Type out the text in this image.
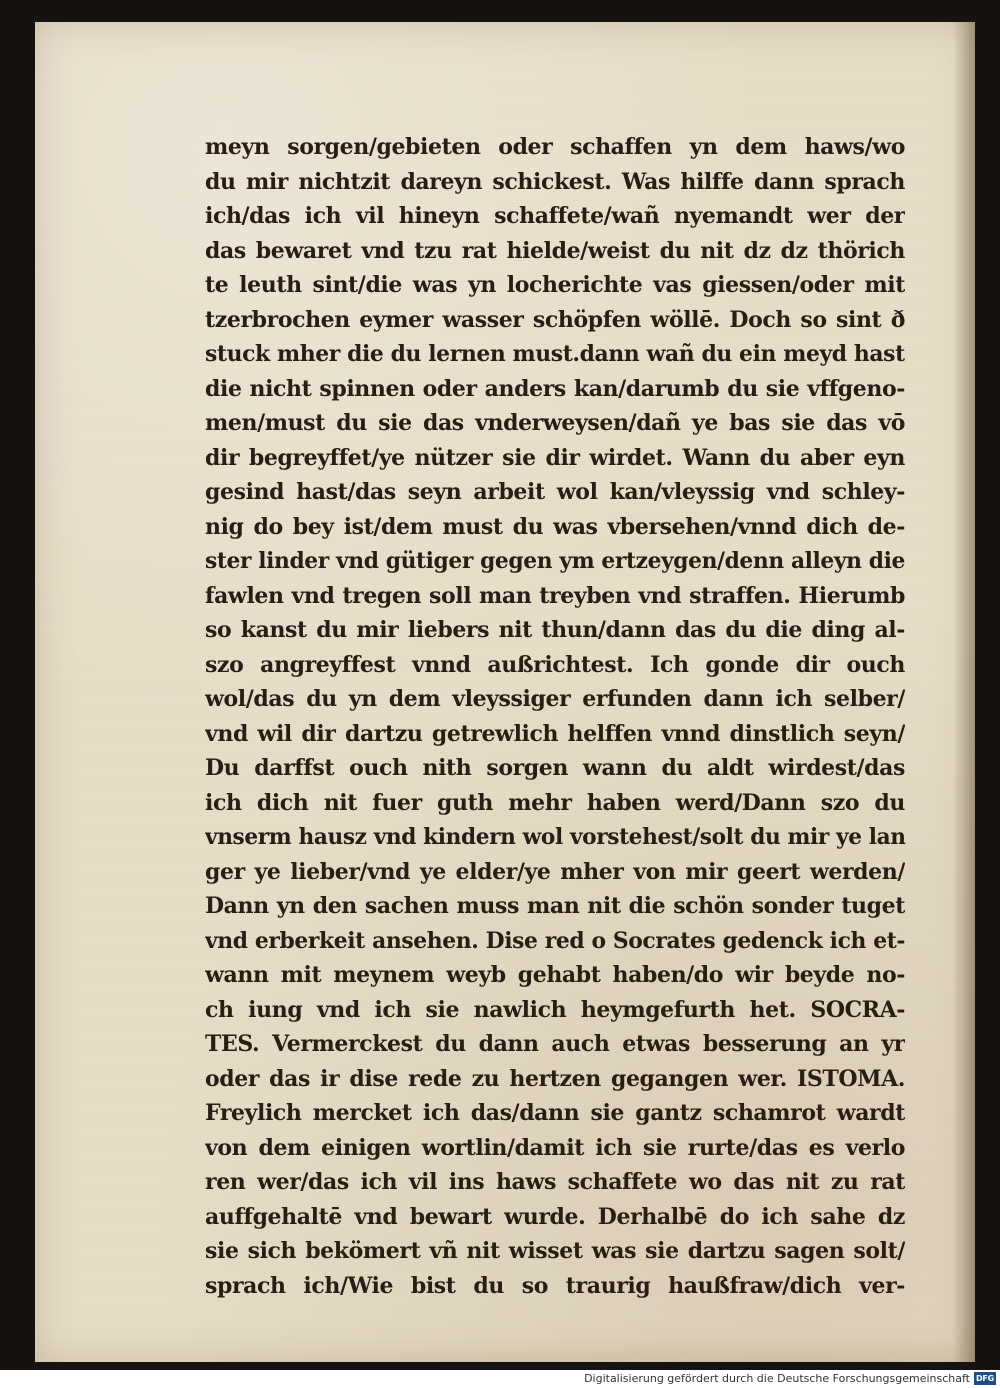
meyn sorgen/gebieten oder schaffen yn dem haws/wo
du mir nichtzit dareyn schickest. Was hilffe dann sprach
ich/das ich vil hineyn schaffete/wañ nyemandt wer der
das bewaret vnd tzu rat hielde/weist du nit dz dz thörich
te leuth sint/die was yn locherichte vas giessen/oder mit
tzerbrochen eymer wasser schöpfen wöllē. Doch so sint ð
stuck mher die du lernen must.dann wañ du ein meyd hast
die nicht spinnen oder anders kan/darumb du sie vffgeno-
men/must du sie das vnderweysen/dañ ye bas sie das vō
dir begreyffet/ye nützer sie dir wirdet. Wann du aber eyn
gesind hast/das seyn arbeit wol kan/vleyssig vnd schley-
nig do bey ist/dem must du was vbersehen/vnnd dich de-
ster linder vnd gütiger gegen ym ertzeygen/denn alleyn die
fawlen vnd tregen soll man treyben vnd straffen. Hierumb
so kanst du mir liebers nit thun/dann das du die ding al-
szo angreyffest vnnd außrichtest. Ich gonde dir ouch
wol/das du yn dem vleyssiger erfunden dann ich selber/
vnd wil dir dartzu getrewlich helffen vnnd dinstlich seyn/
Du darffst ouch nith sorgen wann du aldt wirdest/das
ich dich nit fuer guth mehr haben werd/Dann szo du
vnserm hausz vnd kindern wol vorstehest/solt du mir ye lan
ger ye lieber/vnd ye elder/ye mher von mir geert werden/
Dann yn den sachen muss man nit die schön sonder tuget
vnd erberkeit ansehen. Dise red o Socrates gedenck ich et-
wann mit meynem weyb gehabt haben/do wir beyde no-
ch iung vnd ich sie nawlich heymgefurth het. SOCRA-
TES. Vermerckest du dann auch etwas besserung an yr
oder das ir dise rede zu hertzen gegangen wer. ISTOMA.
Freylich mercket ich das/dann sie gantz schamrot wardt
von dem einigen wortlin/damit ich sie rurte/das es verlo
ren wer/das ich vil ins haws schaffete wo das nit zu rat
auffgehaltē vnd bewart wurde. Derhalbē do ich sahe dz
sie sich bekömert vñ nit wisset was sie dartzu sagen solt/
sprach ich/Wie bist du so traurig haußfraw/dich ver-
Digitalisierung gefördert durch die Deutsche Forschungsgemeinschaft DFG
